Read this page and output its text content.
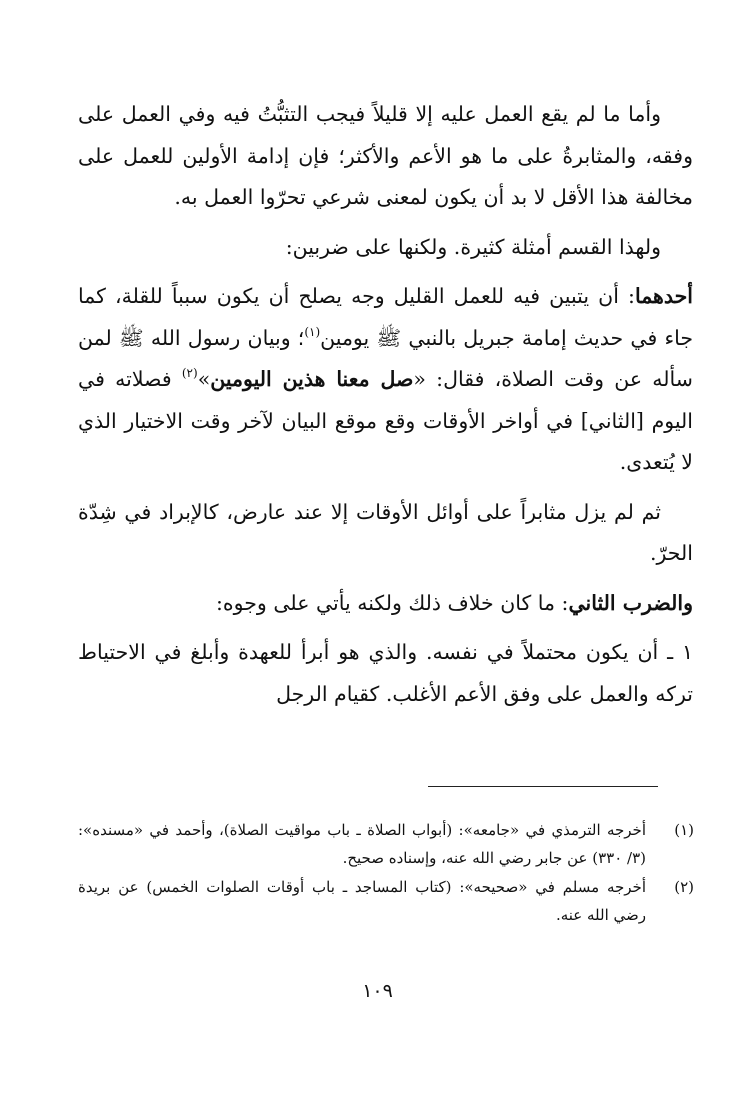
وأما ما لم يقع العمل عليه إلا قليلاً فيجب التثبُّتُ فيه وفي العمل على وفقه، والمثابرةُ على ما هو الأعم والأكثر؛ فإن إدامة الأولين للعمل على مخالفة هذا الأقل لا بد أن يكون لمعنى شرعي تحرّوا العمل به.

ولهذا القسم أمثلة كثيرة. ولكنها على ضربين:

أحدهما: أن يتبين فيه للعمل القليل وجه يصلح أن يكون سبباً للقلة، كما جاء في حديث إمامة جبريل بالنبي ﷺ يومين$^{(١)}$؛ وبيان رسول الله ﷺ لمن سأله عن وقت الصلاة، فقال: «صل معنا هذين اليومين»$^{(٢)}$ فصلاته في اليوم [الثاني] في أواخر الأوقات وقع موقع البيان لآخر وقت الاختيار الذي لا يُتعدى.

ثم لم يزل مثابراً على أوائل الأوقات إلا عند عارض، كالإبراد في شِدّة الحرّ.

والضرب الثاني: ما كان خلاف ذلك ولكنه يأتي على وجوه:

١ ـ أن يكون محتملاً في نفسه. والذي هو أبرأ للعهدة وأبلغ في الاحتياط تركه والعمل على وفق الأعم الأغلب. كقيام الرجل

(١)
أخرجه الترمذي في «جامعه»: (أبواب الصلاة ـ باب مواقيت الصلاة)، وأحمد في «مسنده»: (٣/ ٣٣٠) عن جابر رضي الله عنه، وإسناده صحيح.
(٢)
أخرجه مسلم في «صحيحه»: (كتاب المساجد ـ باب أوقات الصلوات الخمس) عن بريدة رضي الله عنه.
١٠٩
